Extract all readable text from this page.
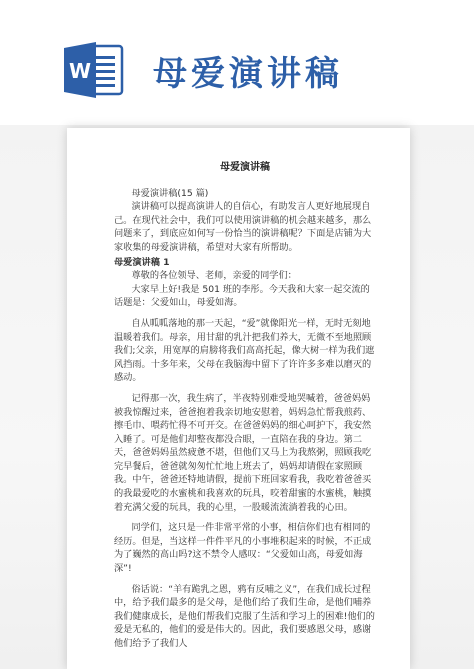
W 母爱演讲稿
母爱演讲稿

母爱演讲稿(15 篇)

演讲稿可以提高演讲人的自信心，有助发言人更好地展现自己。在现代社会中，我们可以使用演讲稿的机会越来越多，那么问题来了，到底应如何写一份恰当的演讲稿呢？下面是店铺为大家收集的母爱演讲稿，希望对大家有所帮助。

母爱演讲稿 1

尊敬的各位领导、老师，亲爱的同学们：

大家早上好!我是 501 班的李彤。今天我和大家一起交流的话题是：父爱如山，母爱如海。

自从呱呱落地的那一天起，“爱”就像阳光一样，无时无刻地温暖着我们。母亲，用甘甜的乳汁把我们养大，无微不至地照顾我们;父亲，用宽厚的肩膀将我们高高托起，像大树一样为我们遮风挡雨。十多年来，父母在我脑海中留下了许许多多难以磨灭的感动。

记得那一次，我生病了，半夜特别难受地哭喊着，爸爸妈妈被我惊醒过来，爸爸抱着我亲切地安慰着，妈妈急忙帮我煎药、擦毛巾、喂药忙得不可开交。在爸爸妈妈的细心呵护下，我安然入睡了。可是他们却整夜都没合眼，一直陪在我的身边。第二天，爸爸妈妈虽然疲惫不堪，但他们又马上为我熬粥，照顾我吃完早餐后，爸爸就匆匆忙忙地上班去了，妈妈却请假在家照顾我。中午，爸爸还特地请假，提前下班回家看我，我吃着爸爸买的我最爱吃的水蜜桃和我喜欢的玩具，咬着甜蜜的水蜜桃，触摸着充满父爱的玩具，我的心里，一股暖流流淌着我的心田。

同学们，这只是一件非常平常的小事，相信你们也有相同的经历。但是，当这样一件件平凡的小事堆积起来的时候，不正成为了巍然的高山吗?这不禁令人感叹：“父爱如山高，母爱如海深”!

俗话说：“羊有跪乳之恩，鸦有反哺之义”，在我们成长过程中，给予我们最多的是父母，是他们给了我们生命，是他们哺养我们健康成长，是他们帮我们克服了生活和学习上的困难!他们的爱是无私的，他们的爱是伟大的。因此，我们要感恩父母，感谢他们给予了我们人
